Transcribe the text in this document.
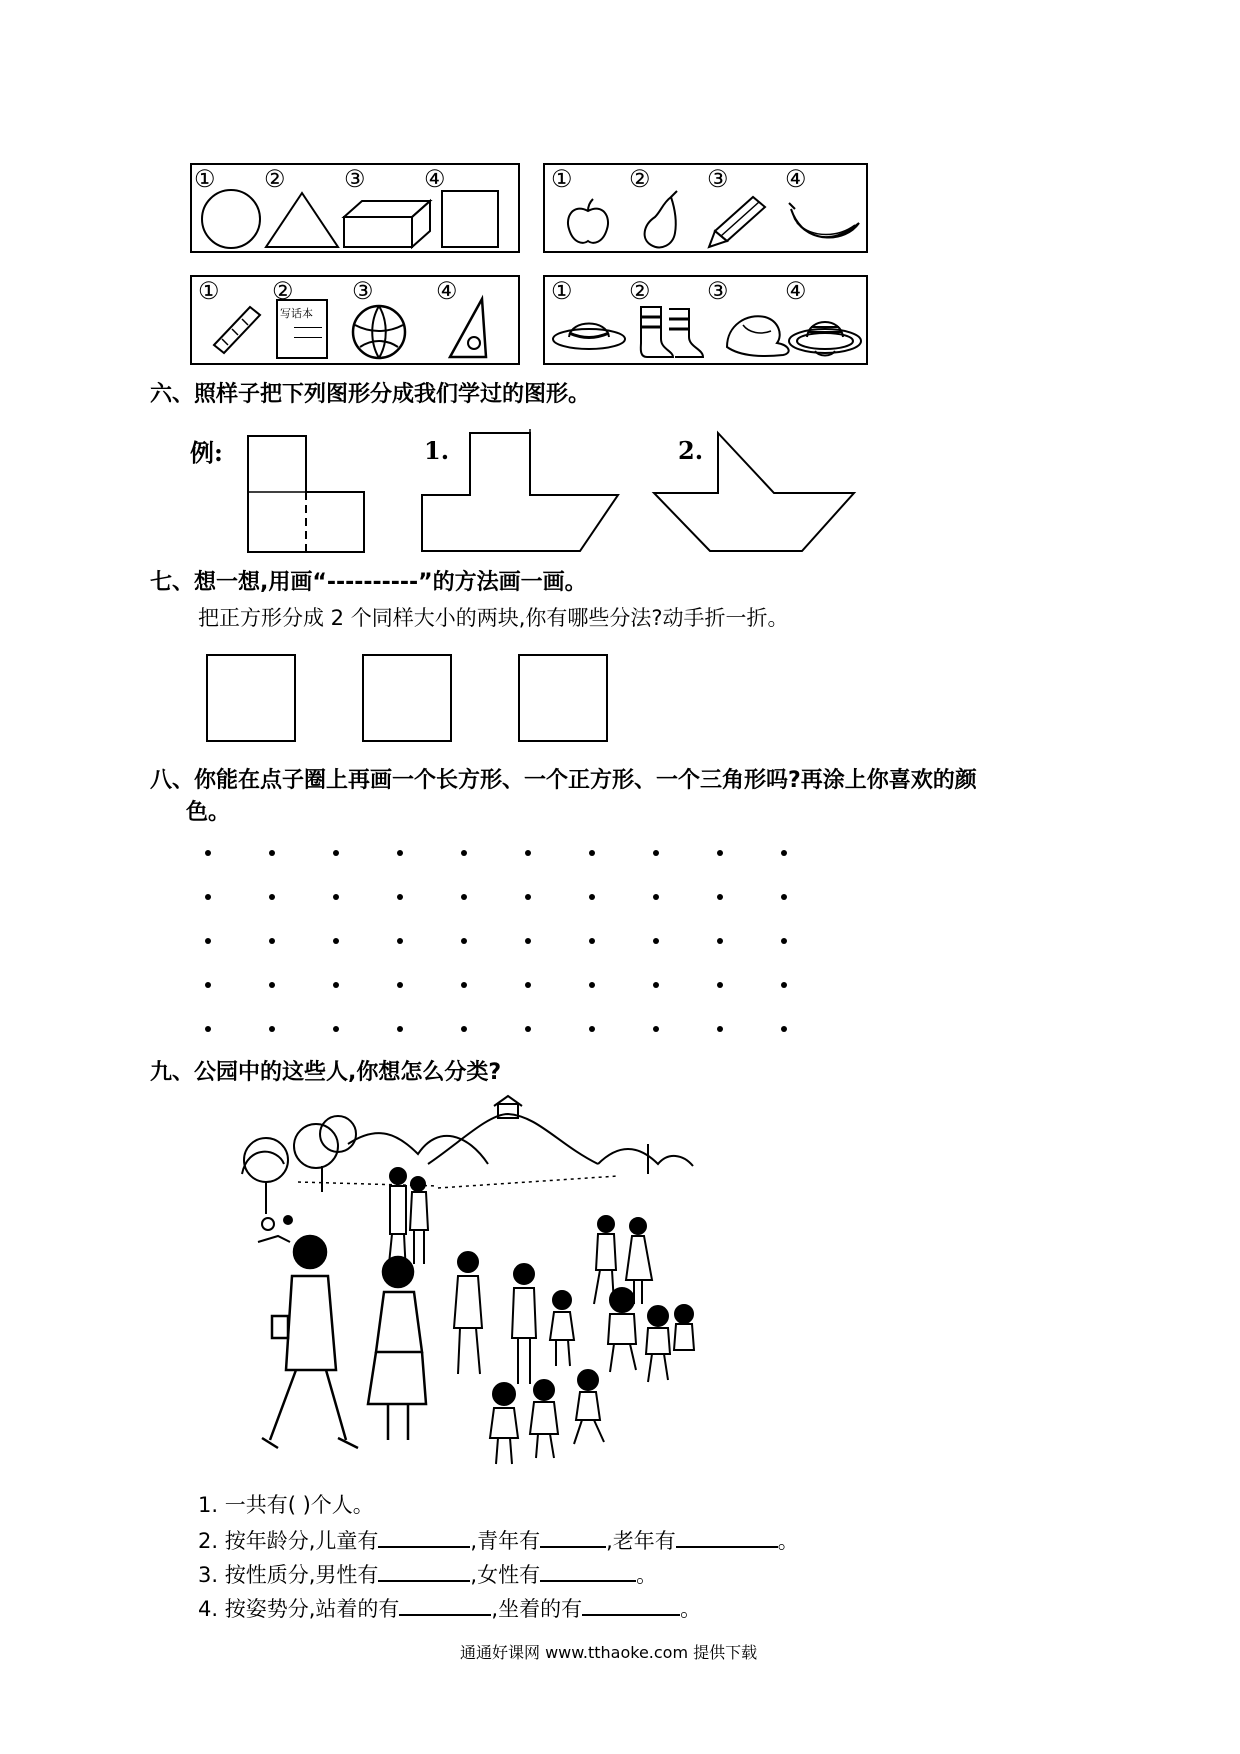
① ② ③ ④	① ② ③ ④
① ② ③	④
写话本
① ② ③ ④
六、照样子把下列图形分成我们学过的图形。
例:	1.	2.
七、想一想,用画“----------”的方法画一画。
把正方形分成 2 个同样大小的两块,你有哪些分法?动手折一折。
八、你能在点子圈上再画一个长方形、一个正方形、一个三角形吗?再涂上你喜欢的颜
色。
九、公园中的这些人,你想怎么分类?
1. 一共有( )个人。
2. 按年龄分,儿童有	,青年有	,老年有	。
3. 按性质分,男性有	,女性有	。
4. 按姿势分,站着的有	,坐着的有	。
通通好课网 www.tthaoke.com 提供下载
